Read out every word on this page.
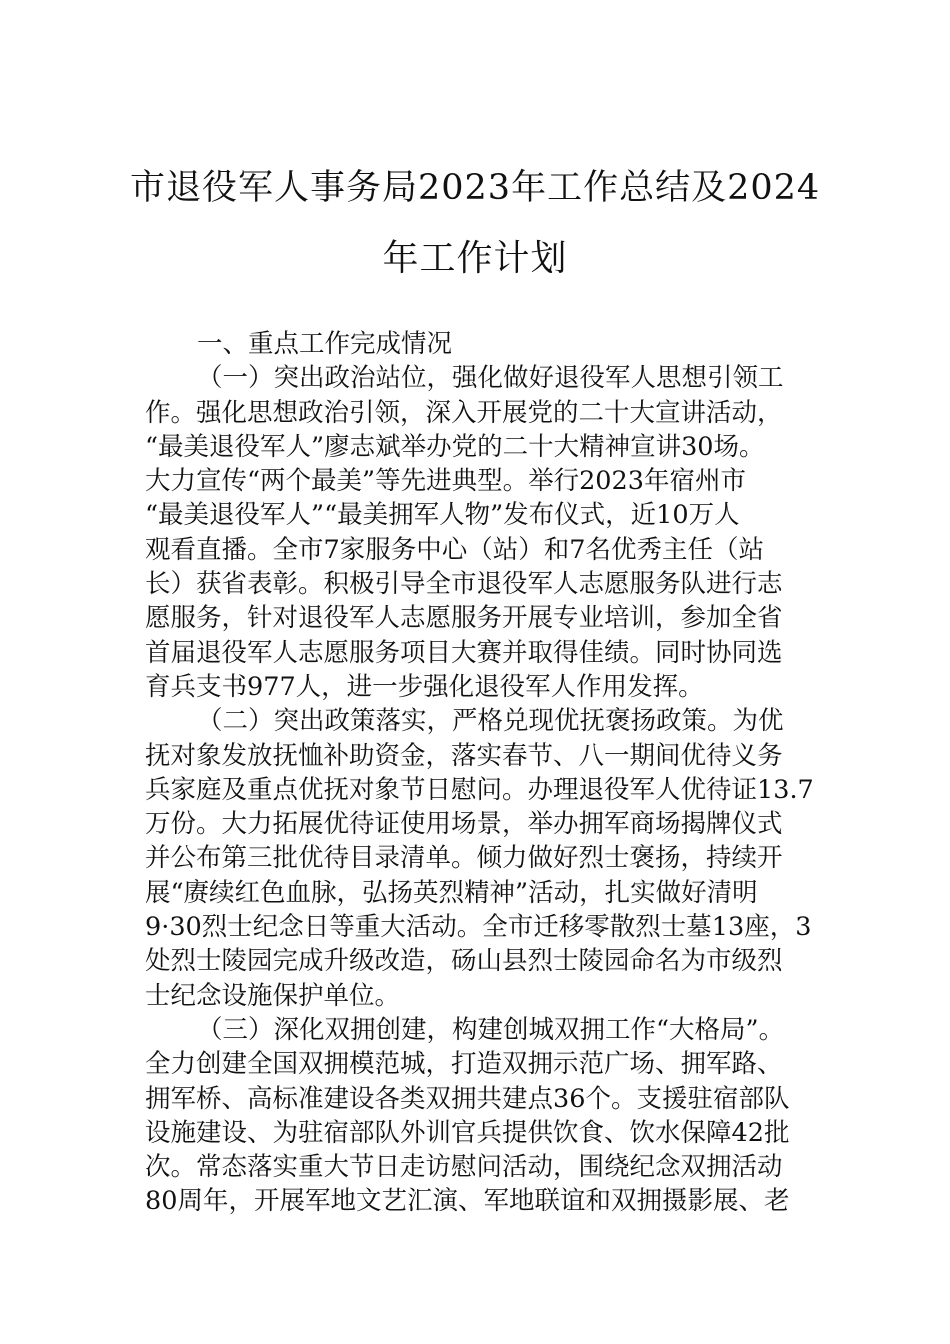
市退役军人事务局2023年工作总结及2024
年工作计划

一、重点工作完成情况

（一）突出政治站位，强化做好退役军人思想引领工

作。强化思想政治引领，深入开展党的二十大宣讲活动，

“最美退役军人”廖志斌举办党的二十大精神宣讲30场。

大力宣传“两个最美”等先进典型。举行2023年宿州市

“最美退役军人”“最美拥军人物”发布仪式，近10万人

观看直播。全市7家服务中心（站）和7名优秀主任（站

长）获省表彰。积极引导全市退役军人志愿服务队进行志

愿服务，针对退役军人志愿服务开展专业培训，参加全省

首届退役军人志愿服务项目大赛并取得佳绩。同时协同选

育兵支书977人，进一步强化退役军人作用发挥。

（二）突出政策落实，严格兑现优抚褒扬政策。为优

抚对象发放抚恤补助资金，落实春节、八一期间优待义务

兵家庭及重点优抚对象节日慰问。办理退役军人优待证13.7

万份。大力拓展优待证使用场景，举办拥军商场揭牌仪式

并公布第三批优待目录清单。倾力做好烈士褒扬，持续开

展“赓续红色血脉，弘扬英烈精神”活动，扎实做好清明

9·30烈士纪念日等重大活动。全市迁移零散烈士墓13座，3

处烈士陵园完成升级改造，砀山县烈士陵园命名为市级烈

士纪念设施保护单位。

（三）深化双拥创建，构建创城双拥工作“大格局”。

全力创建全国双拥模范城，打造双拥示范广场、拥军路、

拥军桥、高标准建设各类双拥共建点36个。支援驻宿部队

设施建设、为驻宿部队外训官兵提供饮食、饮水保障42批

次。常态落实重大节日走访慰问活动，围绕纪念双拥活动

80周年，开展军地文艺汇演、军地联谊和双拥摄影展、老
